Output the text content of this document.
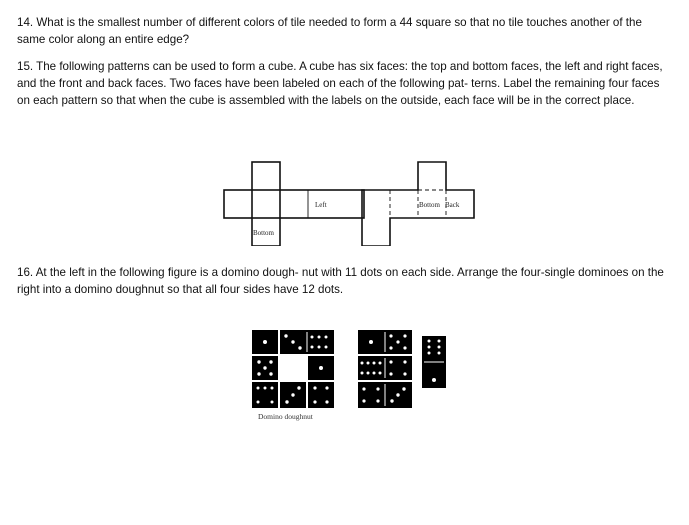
14. What is the smallest number of different colors of tile needed to form a 44 square so that no tile touches another of the same color along an entire edge?

15. The following patterns can be used to form a cube. A cube has six faces: the top and bottom faces, the left and right faces, and the front and back faces. Two faces have been labeled on each of the following pat- terns. Label the remaining four faces on each pattern so that when the cube is assembled with the labels on the outside, each face will be in the correct place.

Left
Bottom
Bottom Back

16. At the left in the following figure is a domino dough- nut with 11 dots on each side. Arrange the four-single dominoes on the right into a domino doughnut so that all four sides have 12 dots.

Domino doughnut
